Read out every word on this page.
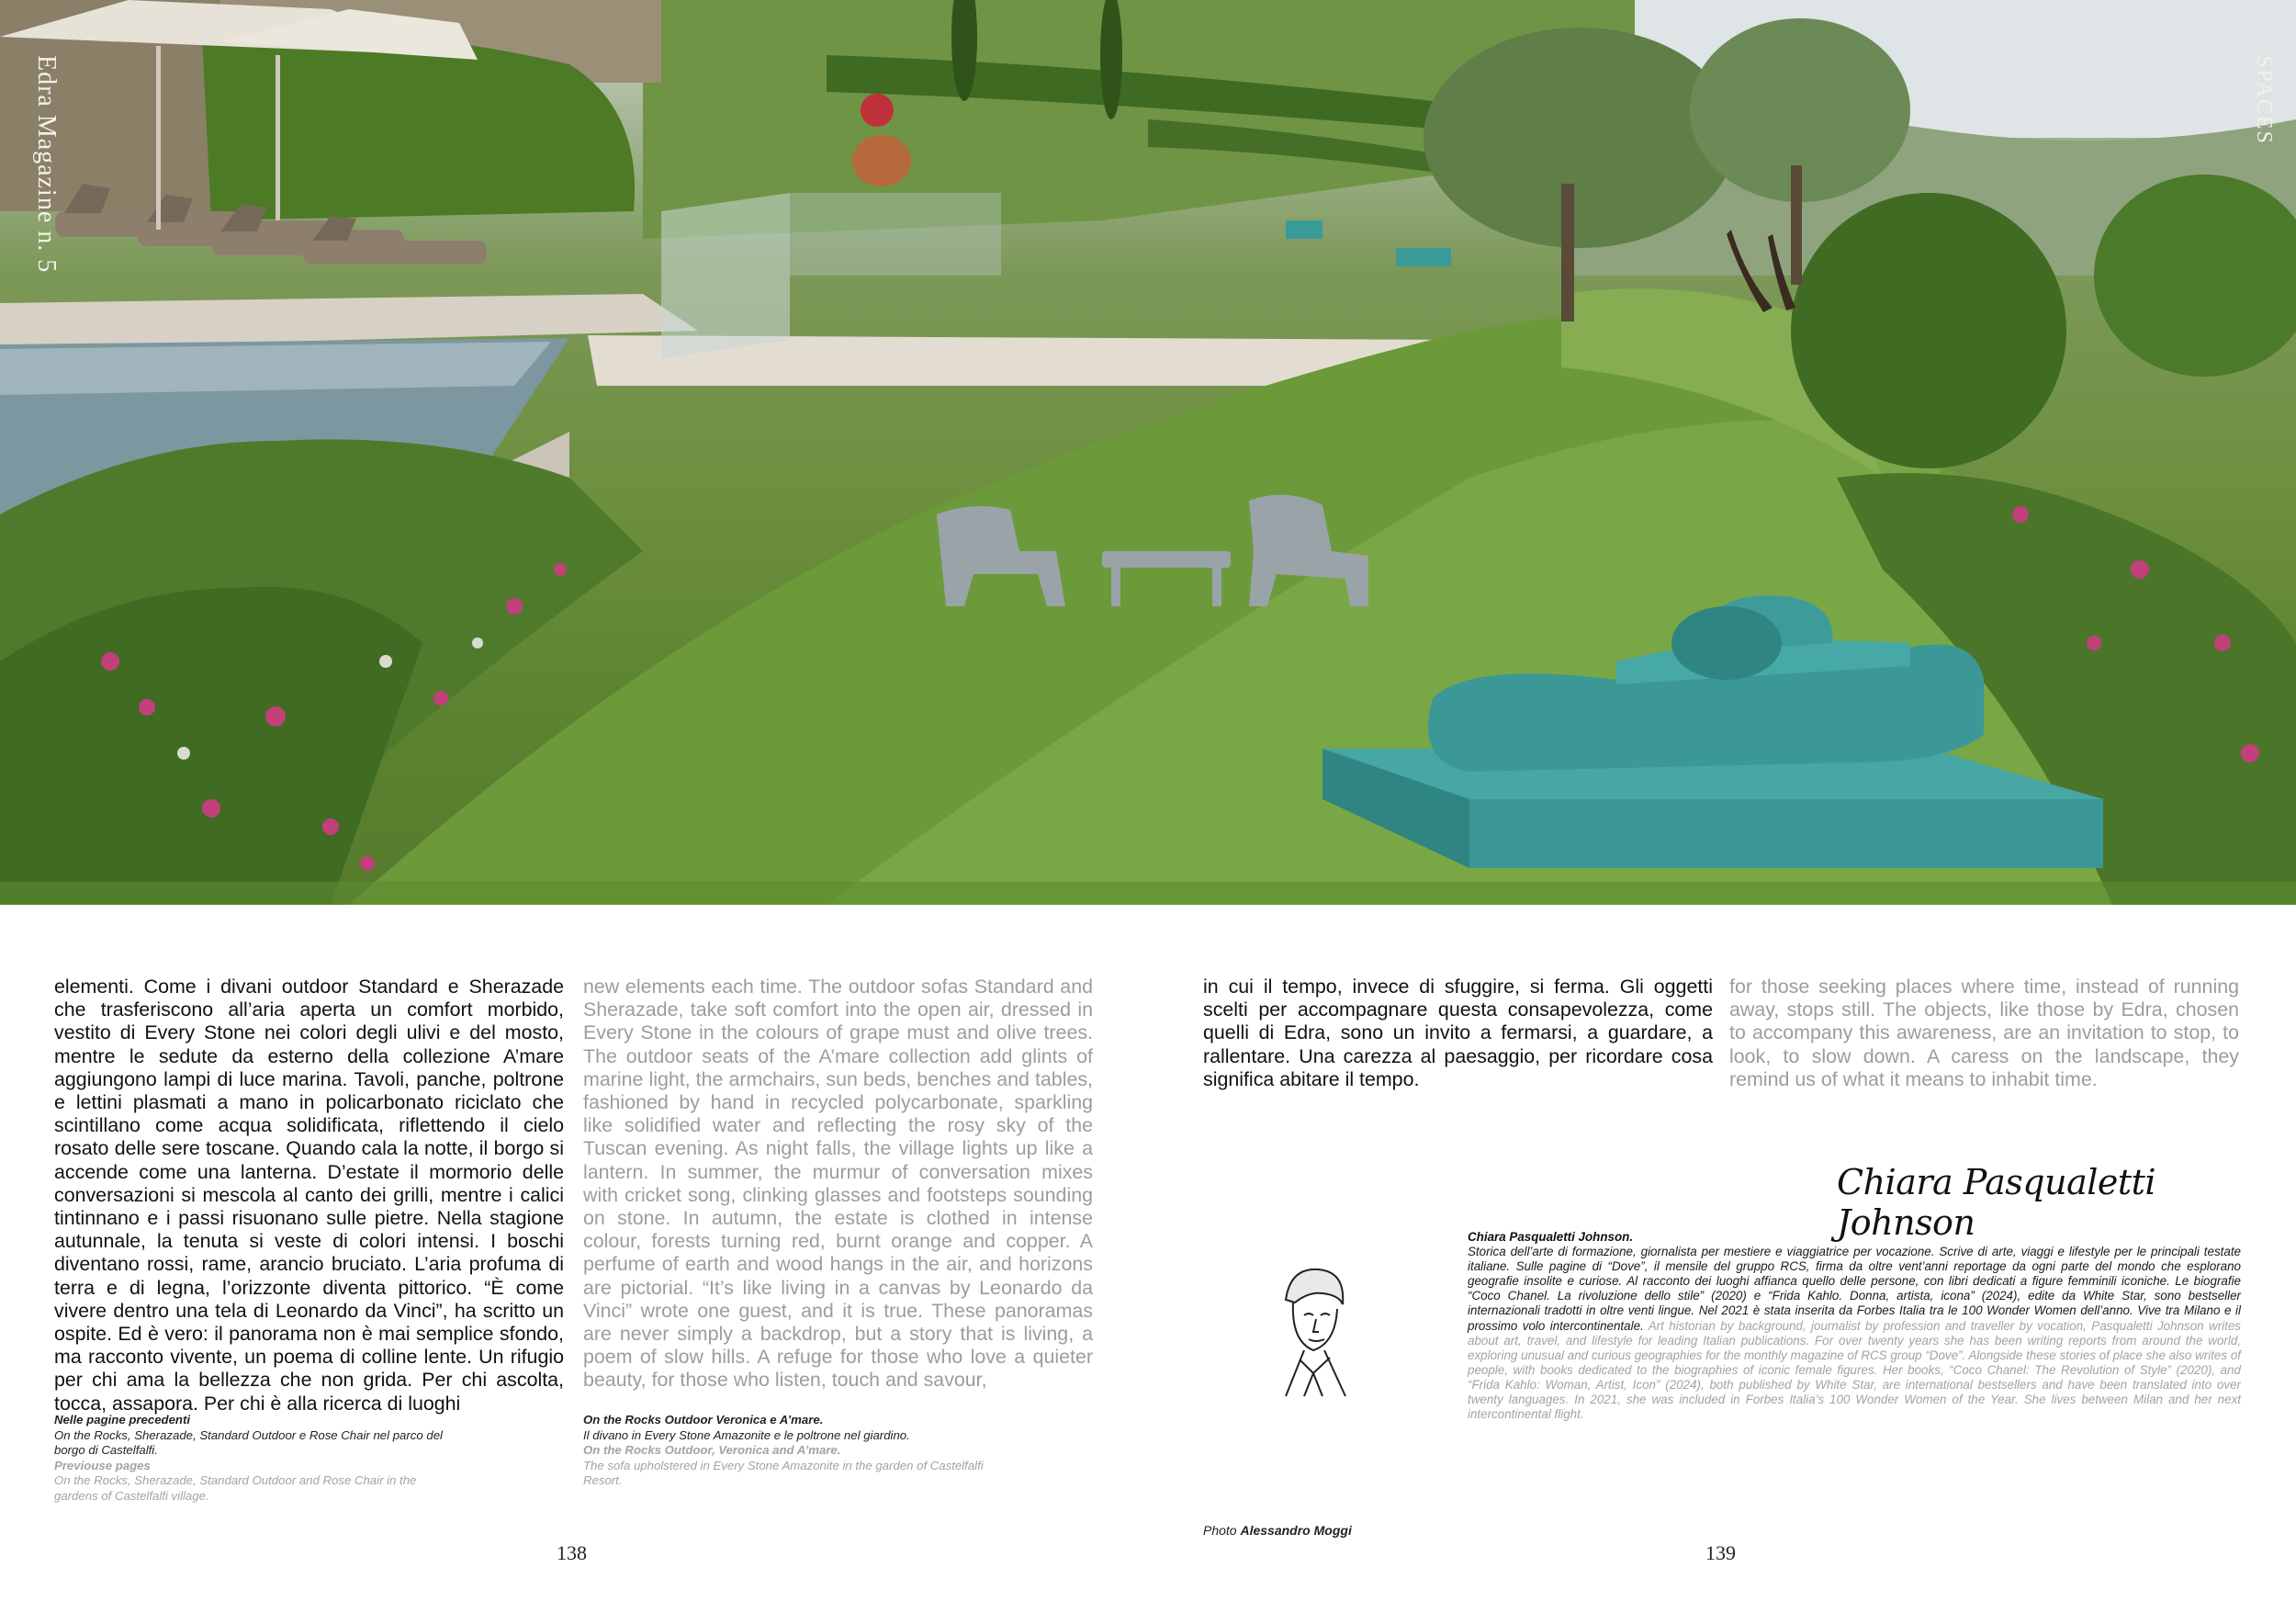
Edra Magazine n. 5	SPACES

elementi. Come i divani outdoor Standard e Sherazade che trasferiscono all’aria aperta un comfort morbido, vestito di Every Stone nei colori degli ulivi e del mosto, mentre le sedute da esterno della collezione A’mare aggiungono lampi di luce marina. Tavoli, panche, poltrone e lettini plasmati a mano in policarbonato riciclato che scintillano come acqua solidificata, riflettendo il cielo rosato delle sere toscane. Quando cala la notte, il borgo si accende come una lanterna. D’estate il mormorio delle conversazioni si mescola al canto dei grilli, mentre i calici tintinnano e i passi risuonano sulle pietre. Nella stagione autunnale, la tenuta si veste di colori intensi. I boschi diventano rossi, rame, arancio bruciato. L’aria profuma di terra e di legna, l’orizzonte diventa pittorico. “È come vivere dentro una tela di Leonardo da Vinci”, ha scritto un ospite. Ed è vero: il panorama non è mai semplice sfondo, ma racconto vivente, un poema di colline lente. Un rifugio per chi ama la bellezza che non grida. Per chi ascolta, tocca, assapora. Per chi è alla ricerca di luoghi

new elements each time. The outdoor sofas Standard and Sherazade, take soft comfort into the open air, dressed in Every Stone in the colours of grape must and olive trees. The outdoor seats of the A’mare collection add glints of marine light, the armchairs, sun beds, benches and tables, fashioned by hand in recycled polycarbonate, sparkling like solidified water and reflecting the rosy sky of the Tuscan evening. As night falls, the village lights up like a lantern. In summer, the murmur of conversation mixes with cricket song, clinking glasses and footsteps sounding on stone. In autumn, the estate is clothed in intense colour, forests turning red, burnt orange and copper. A perfume of earth and wood hangs in the air, and horizons are pictorial. “It’s like living in a canvas by Leonardo da Vinci” wrote one guest, and it is true. These panoramas are never simply a backdrop, but a story that is living, a poem of slow hills. A refuge for those who love a quieter beauty, for those who listen, touch and savour,

Nelle pagine precedenti
On the Rocks, Sherazade, Standard Outdoor e Rose Chair nel parco del borgo di Castelfalfi.
Previouse pages
On the Rocks, Sherazade, Standard Outdoor and Rose Chair in the gardens of Castelfalfi village.
On the Rocks Outdoor Veronica e A’mare.
Il divano in Every Stone Amazonite e le poltrone nel giardino.
On the Rocks Outdoor, Veronica and A’mare.
The sofa upholstered in Every Stone Amazonite in the garden of Castelfalfi Resort.
138

in cui il tempo, invece di sfuggire, si ferma. Gli oggetti scelti per accompagnare questa consapevolezza, come quelli di Edra, sono un invito a fermarsi, a guardare, a rallentare. Una carezza al paesaggio, per ricordare cosa significa abitare il tempo.

for those seeking places where time, instead of running away, stops still. The objects, like those by Edra, chosen to accompany this awareness, are an invitation to stop, to look, to slow down. A caress on the landscape, they remind us of what it means to inhabit time.

Chiara Pasqualetti Johnson
Chiara Pasqualetti Johnson.
Storica dell’arte di formazione, giornalista per mestiere e viaggiatrice per vocazione. Scrive di arte, viaggi e lifestyle per le principali testate italiane. Sulle pagine di “Dove”, il mensile del gruppo RCS, firma da oltre vent’anni reportage da ogni parte del mondo che esplorano geografie insolite e curiose. Al racconto dei luoghi affianca quello delle persone, con libri dedicati a figure femminili iconiche. Le biografie “Coco Chanel. La rivoluzione dello stile” (2020) e “Frida Kahlo. Donna, artista, icona” (2024), edite da White Star, sono bestseller internazionali tradotti in oltre venti lingue. Nel 2021 è stata inserita da Forbes Italia tra le 100 Wonder Women dell’anno. Vive tra Milano e il prossimo volo intercontinentale. Art historian by background, journalist by profession and traveller by vocation, Pasqualetti Johnson writes about art, travel, and lifestyle for leading Italian publications. For over twenty years she has been writing reports from around the world, exploring unusual and curious geographies for the monthly magazine of RCS group “Dove”. Alongside these stories of place she also writes of people, with books dedicated to the biographies of iconic female figures. Her books, “Coco Chanel: The Revolution of Style” (2020), and “Frida Kahlo: Woman, Artist, Icon” (2024), both published by White Star, are international bestsellers and have been translated into over twenty languages. In 2021, she was included in Forbes Italia’s 100 Wonder Women of the Year. She lives between Milan and her next intercontinental flight.
Photo Alessandro Moggi
139
